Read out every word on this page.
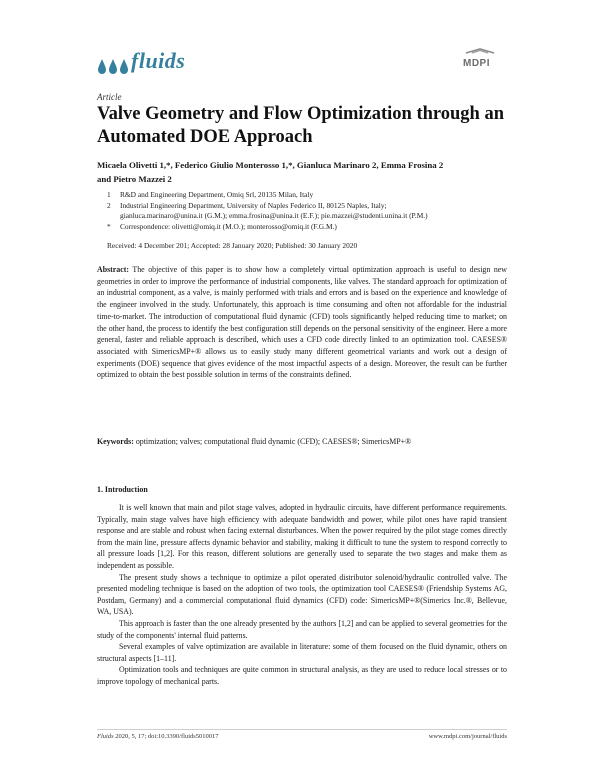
fluids	MDPI
Article
Valve Geometry and Flow Optimization through an Automated DOE Approach
Micaela Olivetti 1,*, Federico Giulio Monterosso 1,*, Gianluca Marinaro 2, Emma Frosina 2
and Pietro Mazzei 2
1 R&D and Engineering Department, Omiq Srl, 20135 Milan, Italy
2 Industrial Engineering Department, University of Naples Federico II, 80125 Naples, Italy;
gianluca.marinaro@unina.it (G.M.); emma.frosina@unina.it (E.F.); pie.mazzei@studenti.unina.it (P.M.)
* Correspondence: olivetti@omiq.it (M.O.); monterosso@omiq.it (F.G.M.)
Received: 4 December 201; Accepted: 28 January 2020; Published: 30 January 2020
Abstract: The objective of this paper is to show how a completely virtual optimization approach is useful to design new geometries in order to improve the performance of industrial components, like valves. The standard approach for optimization of an industrial component, as a valve, is mainly performed with trials and errors and is based on the experience and knowledge of the engineer involved in the study. Unfortunately, this approach is time consuming and often not affordable for the industrial time-to-market. The introduction of computational fluid dynamic (CFD) tools significantly helped reducing time to market; on the other hand, the process to identify the best configuration still depends on the personal sensitivity of the engineer. Here a more general, faster and reliable approach is described, which uses a CFD code directly linked to an optimization tool. CAESES® associated with SimericsMP+® allows us to easily study many different geometrical variants and work out a design of experiments (DOE) sequence that gives evidence of the most impactful aspects of a design. Moreover, the result can be further optimized to obtain the best possible solution in terms of the constraints defined.
Keywords: optimization; valves; computational fluid dynamic (CFD); CAESES®; SimericsMP+®
1. Introduction

It is well known that main and pilot stage valves, adopted in hydraulic circuits, have different performance requirements. Typically, main stage valves have high efficiency with adequate bandwidth and power, while pilot ones have rapid transient response and are stable and robust when facing external disturbances. When the power required by the pilot stage comes directly from the main line, pressure affects dynamic behavior and stability, making it difficult to tune the system to respond correctly to all pressure loads [1,2]. For this reason, different solutions are generally used to separate the two stages and make them as independent as possible.

The present study shows a technique to optimize a pilot operated distributor solenoid/hydraulic controlled valve. The presented modeling technique is based on the adoption of two tools, the optimization tool CAESES® (Friendship Systems AG, Postdam, Germany) and a commercial computational fluid dynamics (CFD) code: SimericsMP+®(Simerics Inc.®, Bellevue, WA, USA).

This approach is faster than the one already presented by the authors [1,2] and can be applied to several geometries for the study of the components' internal fluid patterns.

Several examples of valve optimization are available in literature: some of them focused on the fluid dynamic, others on structural aspects [1–11].

Optimization tools and techniques are quite common in structural analysis, as they are used to reduce local stresses or to improve topology of mechanical parts.

Fluids 2020, 5, 17; doi:10.3390/fluids5010017	www.mdpi.com/journal/fluids
